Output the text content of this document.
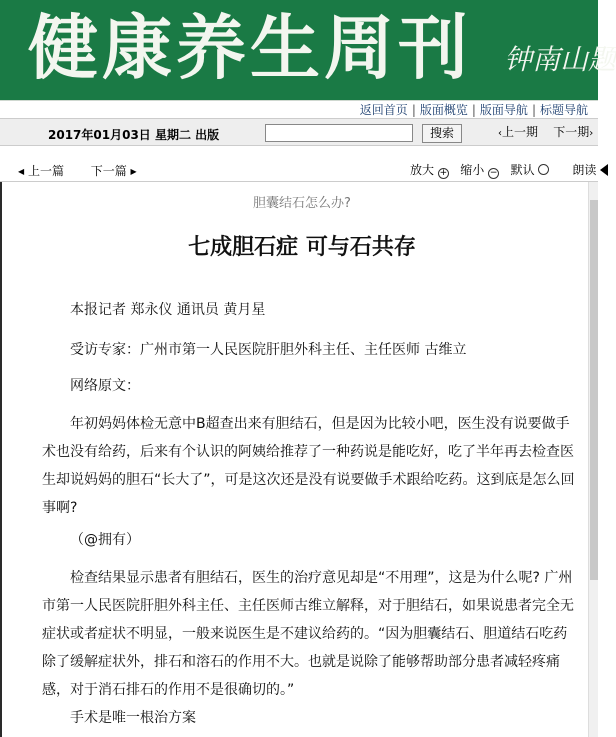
健康养生周刊 钟南山题
返回首页 | 版面概览 | 版面导航 | 标题导航
2017年01月03日 星期二 出版	搜索	‹上一期 下一期›
◀ 上一篇 下一篇 ▶	放大 + 缩小 − 默认	朗读
胆囊结石怎么办?
七成胆石症 可与石共存

本报记者 郑永仪 通讯员 黄月星

受访专家：广州市第一人民医院肝胆外科主任、主任医师 古维立

网络原文：

年初妈妈体检无意中B超查出来有胆结石，但是因为比较小吧，医生没有说要做手术也没有给药，后来有个认识的阿姨给推荐了一种药说是能吃好，吃了半年再去检查医生却说妈妈的胆石“长大了”，可是这次还是没有说要做手术跟给吃药。这到底是怎么回事啊?

（@拥有）

检查结果显示患者有胆结石，医生的治疗意见却是“不用理”，这是为什么呢? 广州市第一人民医院肝胆外科主任、主任医师古维立解释，对于胆结石，如果说患者完全无症状或者症状不明显，一般来说医生是不建议给药的。“因为胆囊结石、胆道结石吃药除了缓解症状外，排石和溶石的作用不大。也就是说除了能够帮助部分患者减轻疼痛感，对于消石排石的作用不是很确切的。”

手术是唯一根治方案
